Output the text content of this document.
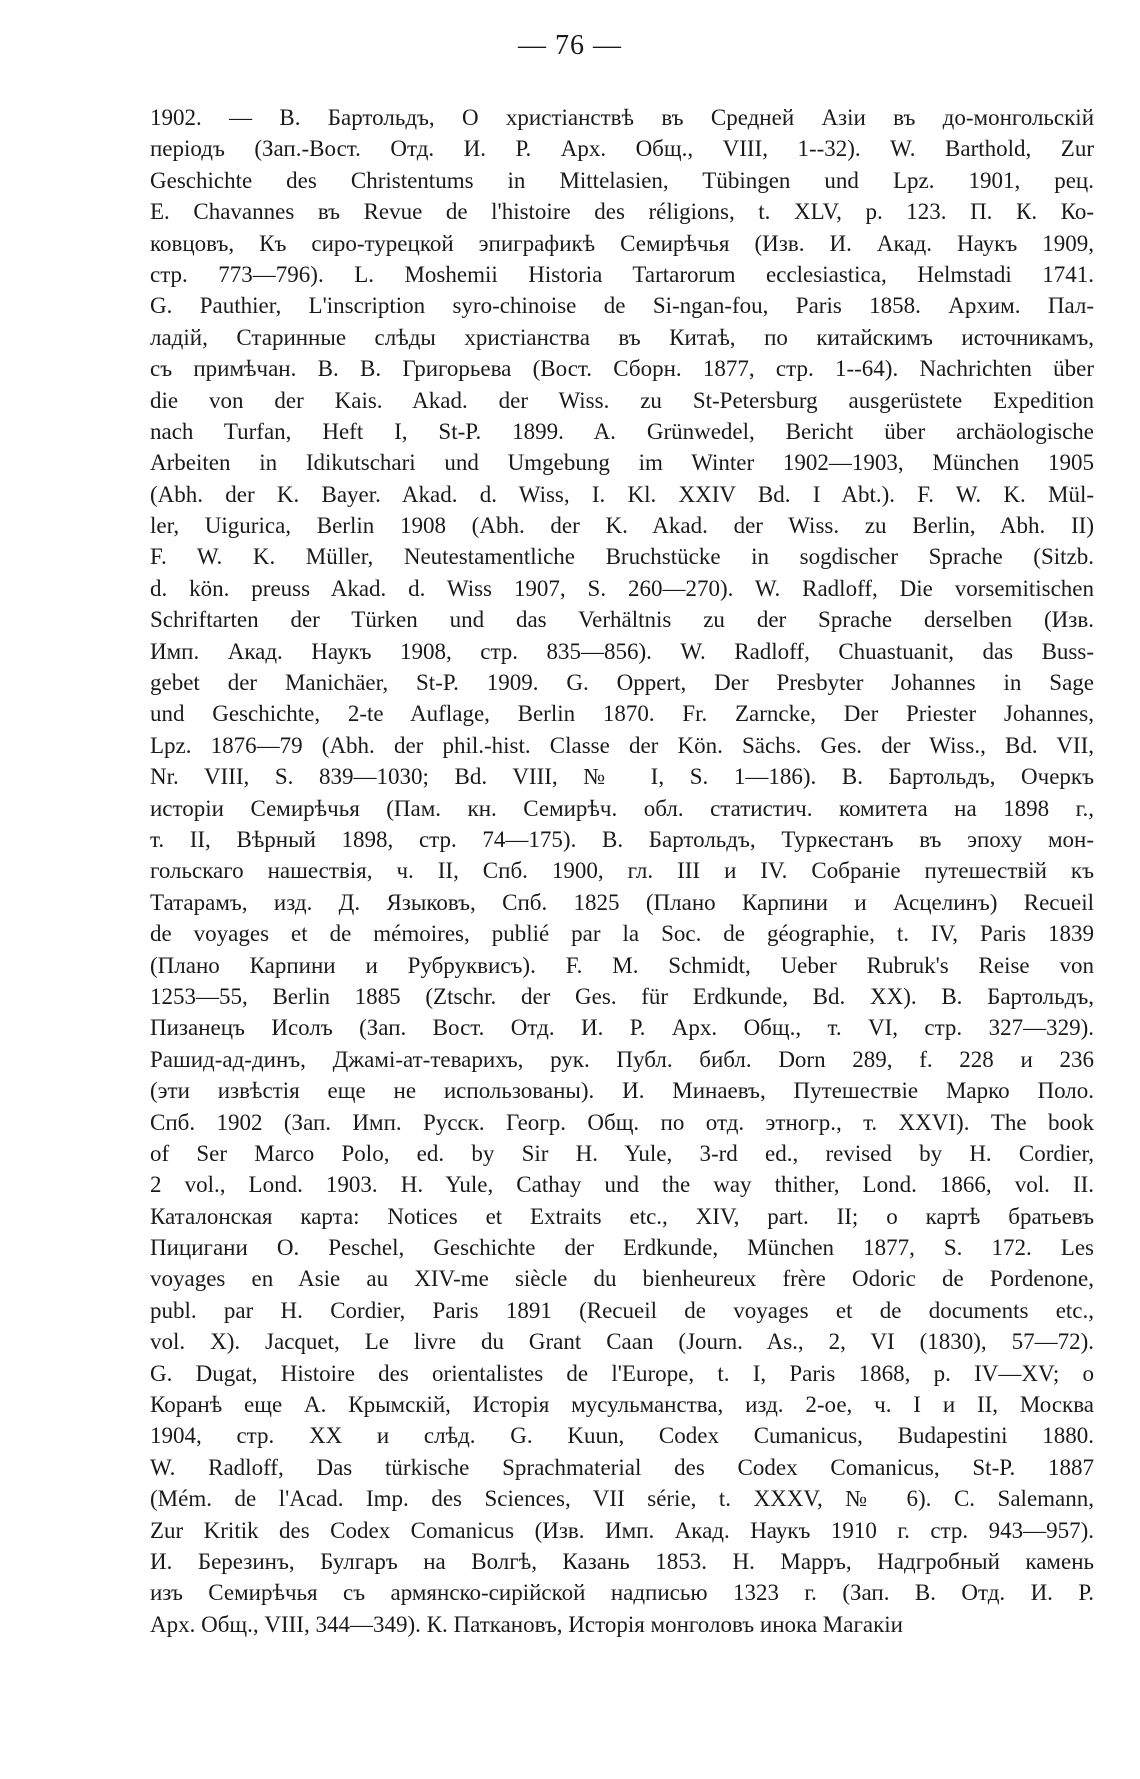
— 76 —
1902. — В. Бартольдъ, О христіанствѣ въ Средней Азіи въ до-монгольскій
періодъ (Зап.-Вост. Отд. И. Р. Арх. Общ., VIII, 1--32). W. Barthold, Zur
Geschichte des Christentums in Mittelasien, Tübingen und Lpz. 1901, рец.
E. Chavannes въ Revue de l'histoire des réligions, t. XLV, p. 123. П. К. Ко-
ковцовъ, Къ сиро-турецкой эпиграфикѣ Семирѣчья (Изв. И. Акад. Наукъ 1909,
стр. 773—796). L. Moshemii Historia Tartarorum ecclesiastica, Helmstadi 1741.
G. Pauthier, L'inscription syro-chinoise de Si-ngan-fou, Paris 1858. Архим. Пал-
ладій, Старинные слѣды христіанства въ Китаѣ, по китайскимъ источникамъ,
съ примѣчан. В. В. Григорьева (Вост. Сборн. 1877, стр. 1--64). Nachrichten über
die von der Kais. Akad. der Wiss. zu St-Petersburg ausgerüstete Expedition
nach Turfan, Heft I, St-P. 1899. A. Grünwedel, Bericht über archäologische
Arbeiten in Idikutschari und Umgebung im Winter 1902—1903, München 1905
(Abh. der K. Bayer. Akad. d. Wiss, I. Kl. XXIV Bd. I Abt.). F. W. K. Mül-
ler, Uigurica, Berlin 1908 (Abh. der K. Akad. der Wiss. zu Berlin, Abh. II)
F. W. K. Müller, Neutestamentliche Bruchstücke in sogdischer Sprache (Sitzb.
d. kön. preuss Akad. d. Wiss 1907, S. 260—270). W. Radloff, Die vorsemitischen
Schriftarten der Türken und das Verhältnis zu der Sprache derselben (Изв.
Имп. Акад. Наукъ 1908, стр. 835—856). W. Radloff, Chuastuanit, das Buss-
gebet der Manichäer, St-P. 1909. G. Oppert, Der Presbyter Johannes in Sage
und Geschichte, 2-te Auflage, Berlin 1870. Fr. Zarncke, Der Priester Johannes,
Lpz. 1876—79 (Abh. der phil.-hist. Classe der Kön. Sächs. Ges. der Wiss., Bd. VII,
Nr. VIII, S. 839—1030; Bd. VIII, № I, S. 1—186). В. Бартольдъ, Очеркъ
исторіи Семирѣчья (Пам. кн. Семирѣч. обл. статистич. комитета на 1898 г.,
т. II, Вѣрный 1898, стр. 74—175). В. Бартольдъ, Туркестанъ въ эпоху мон-
гольскаго нашествія, ч. II, Спб. 1900, гл. III и IV. Собраніе путешествій къ
Татарамъ, изд. Д. Языковъ, Спб. 1825 (Плано Карпини и Асцелинъ) Recueil
de voyages et de mémoires, publié par la Soc. de géographie, t. IV, Paris 1839
(Плано Карпини и Рубруквисъ). F. M. Schmidt, Ueber Rubruk's Reise von
1253—55, Berlin 1885 (Ztschr. der Ges. für Erdkunde, Bd. XX). В. Бартольдъ,
Пизанецъ Исолъ (Зап. Вост. Отд. И. Р. Арх. Общ., т. VI, стр. 327—329).
Рашид-ад-динъ, Джамі-ат-теварихъ, рук. Публ. библ. Dorn 289, f. 228 и 236
(эти извѣстія еще не использованы). И. Минаевъ, Путешествіе Марко Поло.
Спб. 1902 (Зап. Имп. Русск. Геогр. Общ. по отд. этногр., т. XXVI). The book
of Ser Marco Polo, ed. by Sir H. Yule, 3-rd ed., revised by H. Cordier,
2 vol., Lond. 1903. H. Yule, Cathay und the way thither, Lond. 1866, vol. II.
Каталонская карта: Notices et Extraits etc., XIV, part. II; о картѣ братьевъ
Пицигани O. Peschel, Geschichte der Erdkunde, München 1877, S. 172. Les
voyages en Asie au XIV-me siècle du bienheureux frère Odoric de Pordenone,
publ. par H. Cordier, Paris 1891 (Recueil de voyages et de documents etc.,
vol. X). Jacquet, Le livre du Grant Caan (Journ. As., 2, VI (1830), 57—72).
G. Dugat, Histoire des orientalistes de l'Europe, t. I, Paris 1868, p. IV—XV; о
Коранѣ еще А. Крымскій, Исторія мусульманства, изд. 2-ое, ч. I и II, Москва
1904, стр. XX и слѣд. G. Kuun, Codex Cumanicus, Budapestini 1880.
W. Radloff, Das türkische Sprachmaterial des Codex Comanicus, St-P. 1887
(Mém. de l'Acad. Imp. des Sciences, VII série, t. XXXV, № 6). C. Salemann,
Zur Kritik des Codex Comanicus (Изв. Имп. Акад. Наукъ 1910 г. стр. 943—957).
И. Березинъ, Булгаръ на Волгѣ, Казань 1853. Н. Марръ, Надгробный камень
изъ Семирѣчья съ армянско-сирійской надписью 1323 г. (Зап. В. Отд. И. Р.
Арх. Общ., VIII, 344—349). К. Паткановъ, Исторія монголовъ инока Магакіи
